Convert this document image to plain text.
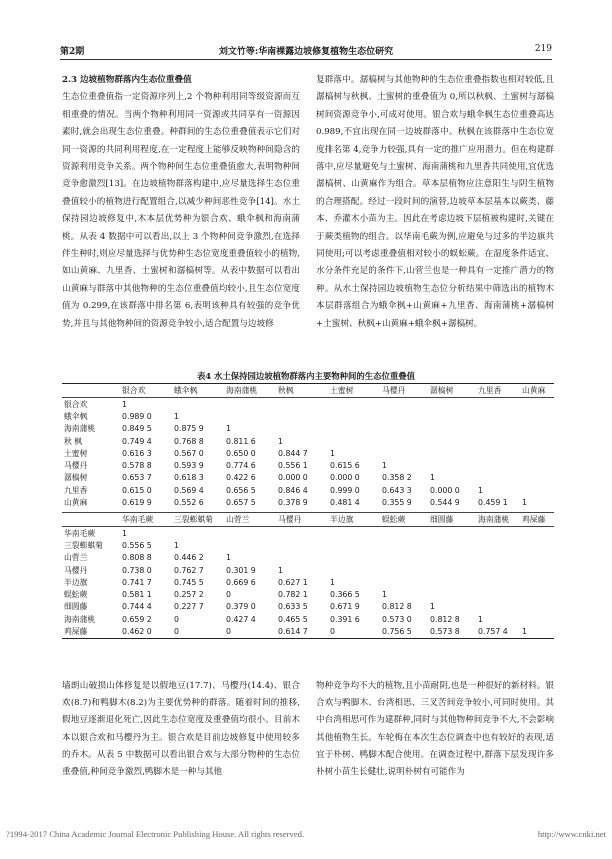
第2期	刘文竹等:华南裸露边坡修复植物生态位研究	219

2.3 边坡植物群落内生态位重叠值

生态位重叠值指一定资源序列上,2 个物种利用同等级资源而互相重叠的情况。当两个物种利用同一资源或共同享有一资源因素时,就会出现生态位重叠。种群间的生态位重叠值表示它们对同一资源的共同利用程度,在一定程度上能够反映物种间隐含的资源利用竞争关系。两个物种间生态位重叠值愈大,表明物种间竞争愈激烈[13]。在边坡植物群落构建中,应尽量选择生态位重叠值较小的植物进行配置组合,以减少种间恶性竞争[14]。水土保持园边坡修复中,木本层优势种为银合欢、蛾伞枫和海南蒲桃。从表 4 数据中可以看出,以上 3 个物种间竞争激烈,在选择伴生种时,则应尽量选择与优势种生态位宽度重叠值较小的植物,如山黄麻、九里香、土蜜树和潺槁树等。从表中数据可以看出山黄麻与群落中其他物种的生态位重叠值均较小,且生态位宽度值为 0.299,在该群落中排名第 6,表明该种具有较强的竞争优势,并且与其他物种间的资源竞争较小,适合配置与边坡修

复群落中。潺槁树与其他物种的生态位重叠指数也相对较低,且潺槁树与秋枫、土蜜树的重叠值为 0,所以秋枫、土蜜树与潺槁树间资源竞争小,可成对使用。银合欢与蛾伞枫生态位重叠高达 0.989,不宜出现在同一边坡群落中。秋枫在该群落中生态位宽度排名第 4,竞争力较强,具有一定的推广应用潜力。但在构建群落中,应尽量避免与土蜜树、海南蒲桃和九里香共同使用,宜优选潺槁树、山黄麻作为组合。草本层植物应注意阳生与阴生植物的合理搭配。经过一段时间的演替,边坡草本层基本以蕨类、藤本、乔灌木小苗为主。因此在考虑边坡下层植被构建时,关键在于蕨类植物的组合。以华南毛蕨为例,应避免与过多的半边旗共同使用;可以考虑重叠值相对较小的蜈蚣蕨。在湿度条件适宜、水分条件充足的条件下,山菅兰也是一种具有一定推广潜力的物种。从水土保持园边坡植物生态位分析结果中筛选出的植物木本层群落组合为蛾伞枫+山黄麻+九里香、海南蒲桃+潺槁树+土蜜树、秋枫+山黄麻+蛾伞枫+潺槁树。

表4 水土保持园边坡植物群落内主要物种间的生态位重叠值
	银合欢	蛾伞枫	海南蒲桃	秋枫	土蜜树	马樱丹	潺槁树	九里香	山黄麻
银合欢	1								
蛾伞枫	0.989 0	1							
海南蒲桃	0.849 5	0.875 9	1						
秋 枫	0.749 4	0.768 8	0.811 6	1					
土蜜树	0.616 3	0.567 0	0.650 0	0.844 7	1				
马樱丹	0.578 8	0.593 9	0.774 6	0.556 1	0.615 6	1			
潺槁树	0.653 7	0.618 3	0.422 6	0.000 0	0.000 0	0.358 2	1		
九里香	0.615 0	0.569 4	0.656 5	0.846 4	0.999 0	0.643 3	0.000 0	1	
山黄麻	0.619 9	0.552 6	0.657 5	0.378 9	0.481 4	0.355 9	0.544 9	0.459 1	1
	华南毛蕨	三裂蟛蜞菊	山菅兰	马樱丹	半边旗	蜈蚣蕨	细圆藤	海南蒲桃	鸡屎藤
华南毛蕨	1								
三裂蟛蜞菊	0.556 5	1							
山菅兰	0.808 8	0.446 2	1						
马樱丹	0.738 0	0.762 7	0.301 9	1					
半边旗	0.741 7	0.745 5	0.669 6	0.627 1	1				
蜈蚣蕨	0.581 1	0.257 2	0	0.782 1	0.366 5	1			
细圆藤	0.744 4	0.227 7	0.379 0	0.633 5	0.671 9	0.812 8	1		
海南蒲桃	0.659 2	0	0.427 4	0.465 5	0.391 6	0.573 0	0.812 8	1	
鸡屎藤	0.462 0	0	0	0.614 7	0	0.756 5	0.573 8	0.757 4	1

墙朗山破损山体修复是以假地豆(17.7)、马樱丹(14.4)、银合欢(8.7)和鸭脚木(8.2)为主要优势种的群落。随着时间的推移,假地豆逐渐退化死亡,因此生态位宽度及重叠值均很小。目前木本以银合欢和马樱丹为主。银合欢是目前边坡修复中使用较多的乔木。从表 5 中数据可以看出银合欢与大部分物种的生态位重叠值,种间竞争激烈,鸭脚木是一种与其他

物种竞争均不大的植物,且小苗耐阴,也是一种很好的新材料。银合欢与鸭脚木、台湾相思、三叉苦间竞争较小,可同时使用。其中台湾相思可作为建群种,同时与其他物种间竞争不大,不会影响其他植物生长。车轮梅在本次生态位调查中也有较好的表现,适宜于朴树、鸭脚木配合使用。在调查过程中,群落下层发现许多朴树小苗生长健壮,说明朴树有可能作为

?1994-2017 China Academic Journal Electronic Publishing House. All rights reserved.	http://www.cnki.net
